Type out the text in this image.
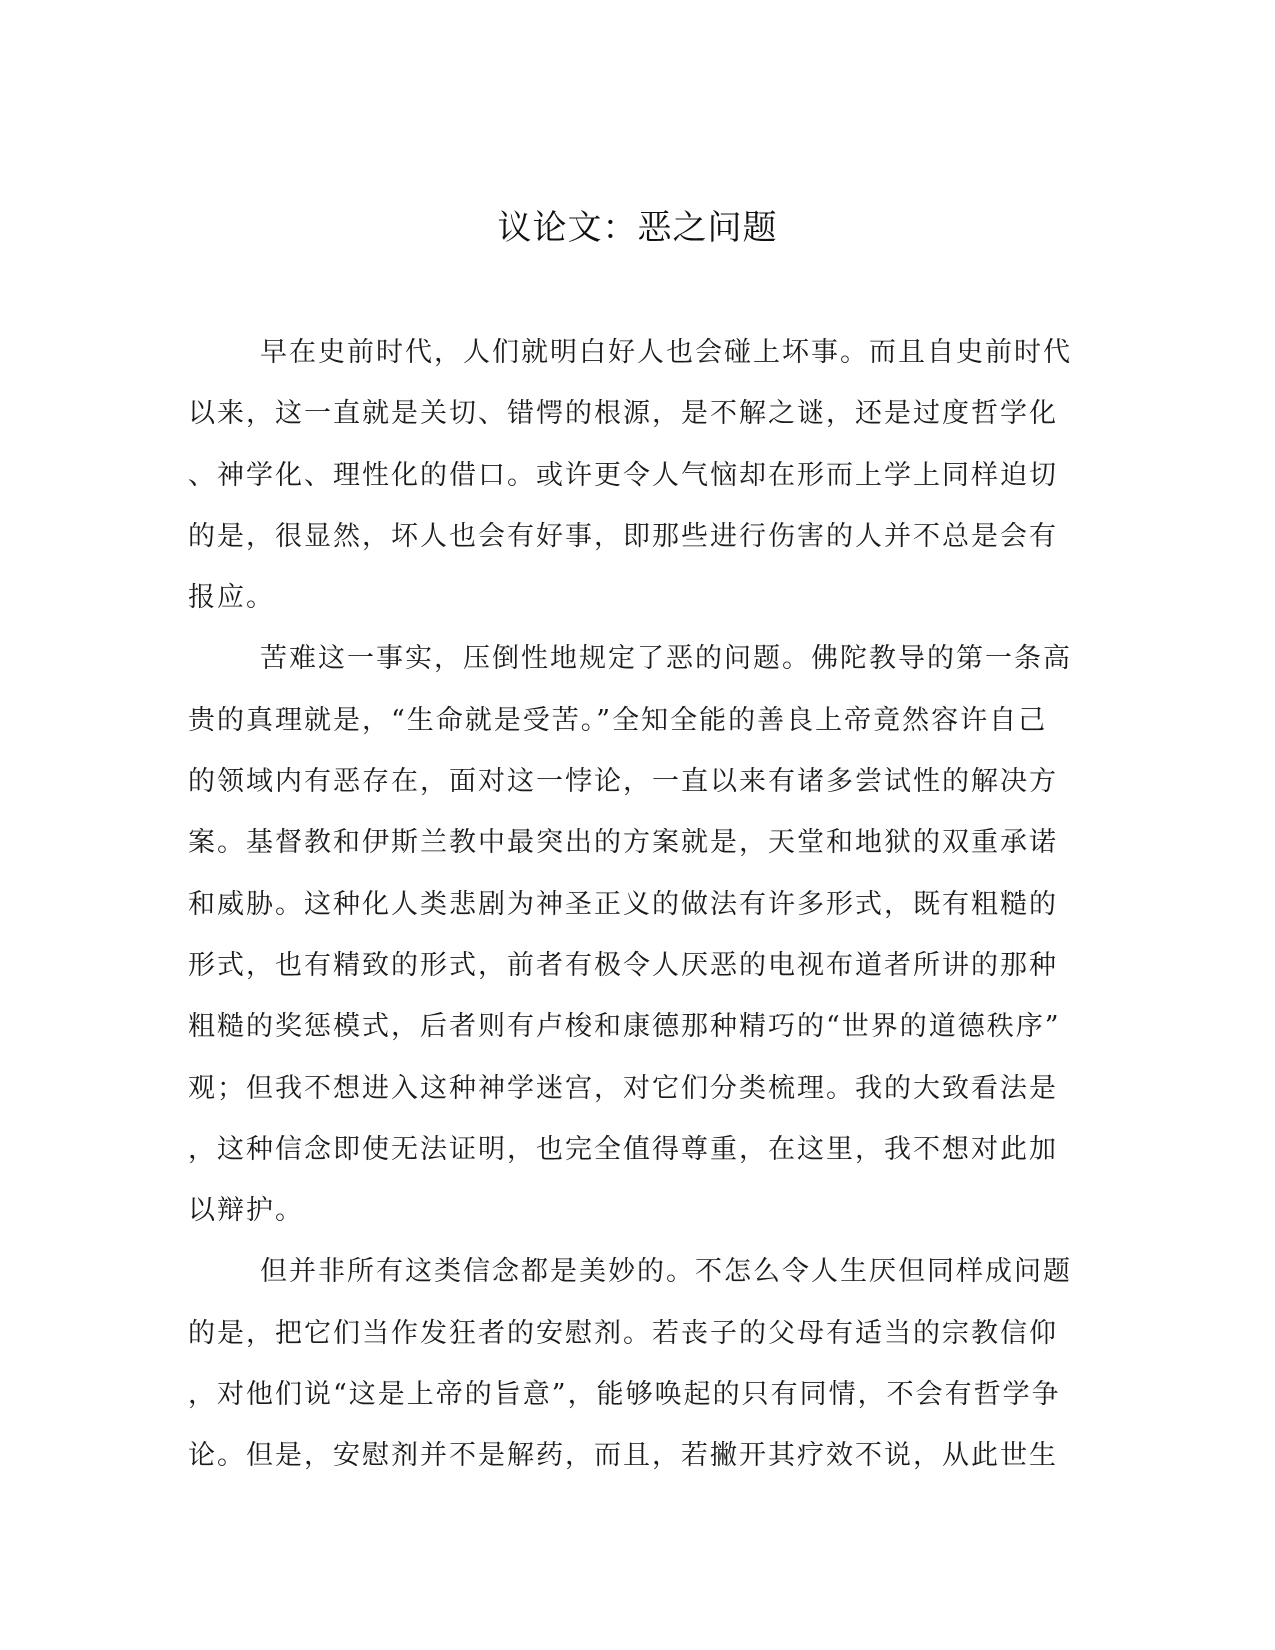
议论文：恶之问题
早在史前时代，人们就明白好人也会碰上坏事。而且自史前时代
以来，这一直就是关切、错愕的根源，是不解之谜，还是过度哲学化
、神学化、理性化的借口。或许更令人气恼却在形而上学上同样迫切
的是，很显然，坏人也会有好事，即那些进行伤害的人并不总是会有
报应。
苦难这一事实，压倒性地规定了恶的问题。佛陀教导的第一条高
贵的真理就是，“生命就是受苦。”全知全能的善良上帝竟然容许自己
的领域内有恶存在，面对这一悖论，一直以来有诸多尝试性的解决方
案。基督教和伊斯兰教中最突出的方案就是，天堂和地狱的双重承诺
和威胁。这种化人类悲剧为神圣正义的做法有许多形式，既有粗糙的
形式，也有精致的形式，前者有极令人厌恶的电视布道者所讲的那种
粗糙的奖惩模式，后者则有卢梭和康德那种精巧的“世界的道德秩序”
观；但我不想进入这种神学迷宫，对它们分类梳理。我的大致看法是
，这种信念即使无法证明，也完全值得尊重，在这里，我不想对此加
以辩护。
但并非所有这类信念都是美妙的。不怎么令人生厌但同样成问题
的是，把它们当作发狂者的安慰剂。若丧子的父母有适当的宗教信仰
，对他们说“这是上帝的旨意”，能够唤起的只有同情，不会有哲学争
论。但是，安慰剂并不是解药，而且，若撇开其疗效不说，从此世生
